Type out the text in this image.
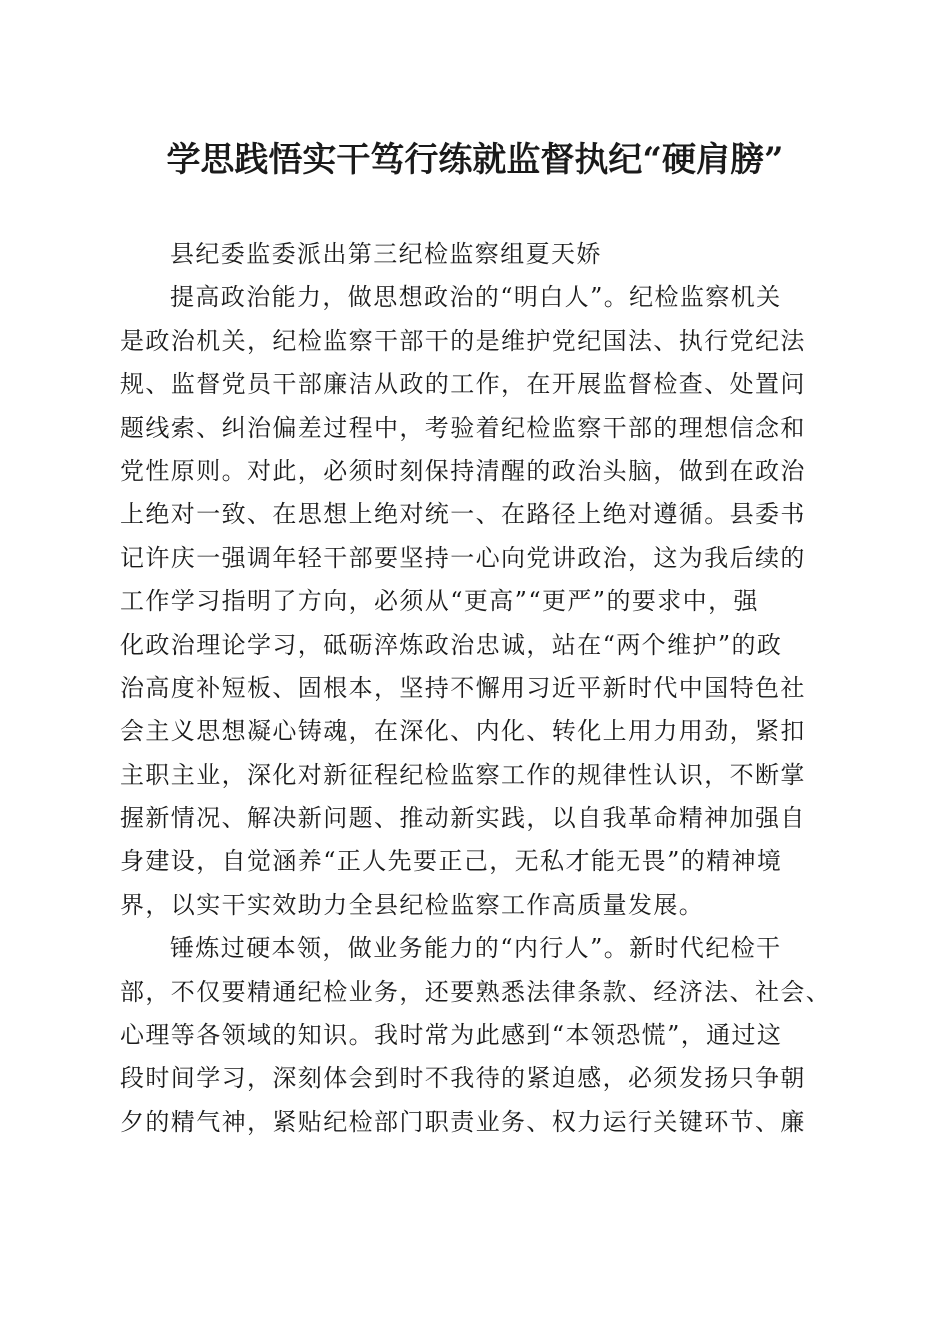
学思践悟实干笃行练就监督执纪“硬肩膀”
县纪委监委派出第三纪检监察组夏天娇
提高政治能力，做思想政治的“明白人”。纪检监察机关
是政治机关，纪检监察干部干的是维护党纪国法、执行党纪法
规、监督党员干部廉洁从政的工作，在开展监督检查、处置问
题线索、纠治偏差过程中，考验着纪检监察干部的理想信念和
党性原则。对此，必须时刻保持清醒的政治头脑，做到在政治
上绝对一致、在思想上绝对统一、在路径上绝对遵循。县委书
记许庆一强调年轻干部要坚持一心向党讲政治，这为我后续的
工作学习指明了方向，必须从“更高”“更严”的要求中，强
化政治理论学习，砥砺淬炼政治忠诚，站在“两个维护”的政
治高度补短板、固根本，坚持不懈用习近平新时代中国特色社
会主义思想凝心铸魂，在深化、内化、转化上用力用劲，紧扣
主职主业，深化对新征程纪检监察工作的规律性认识，不断掌
握新情况、解决新问题、推动新实践，以自我革命精神加强自
身建设，自觉涵养“正人先要正己，无私才能无畏”的精神境
界，以实干实效助力全县纪检监察工作高质量发展。
锤炼过硬本领，做业务能力的“内行人”。新时代纪检干
部，不仅要精通纪检业务，还要熟悉法律条款、经济法、社会、
心理等各领域的知识。我时常为此感到“本领恐慌”，通过这
段时间学习，深刻体会到时不我待的紧迫感，必须发扬只争朝
夕的精气神，紧贴纪检部门职责业务、权力运行关键环节、廉
